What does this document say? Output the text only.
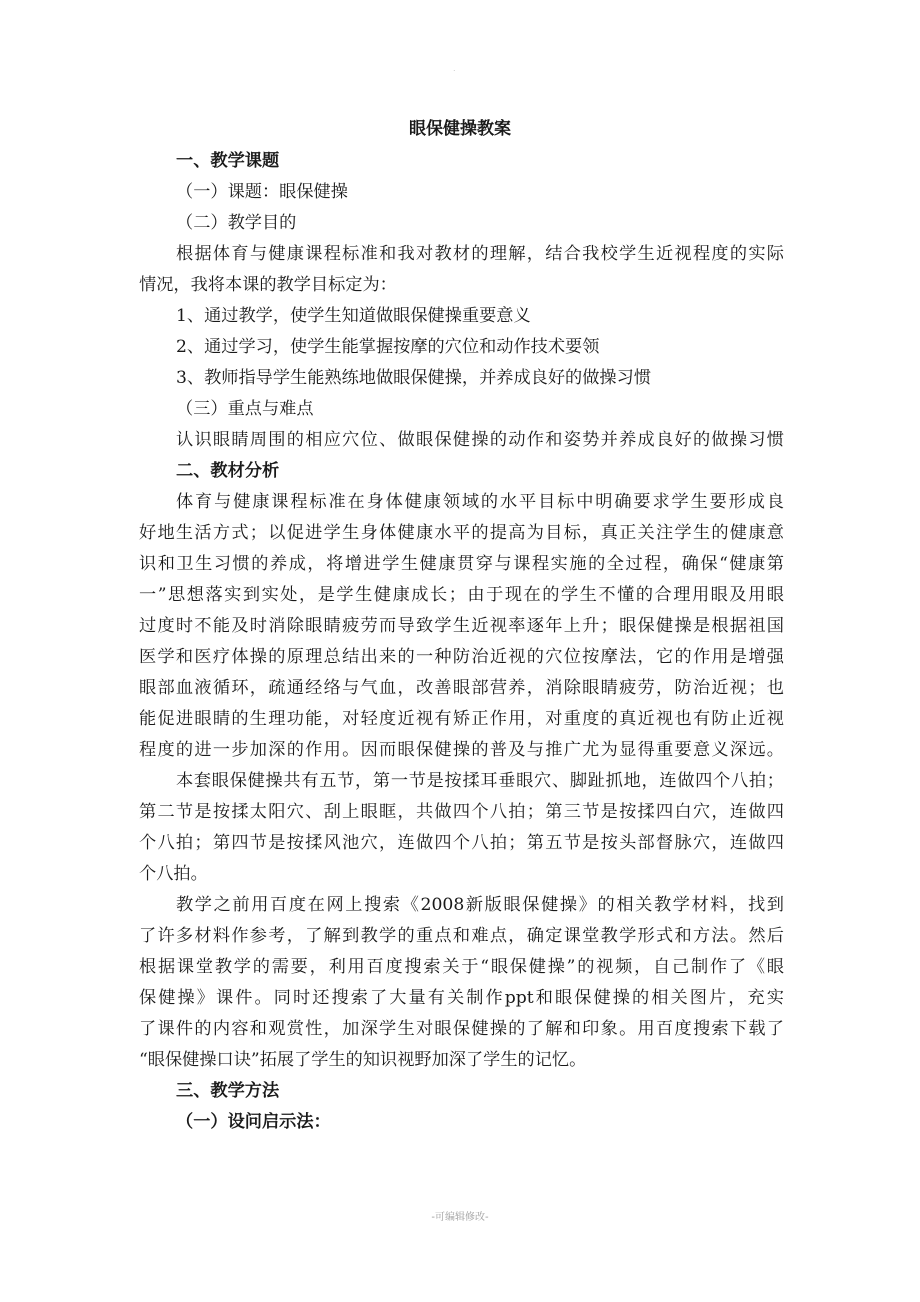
.
眼保健操教案
一、教学课题
（一）课题：眼保健操
（二）教学目的
根据体育与健康课程标准和我对教材的理解，结合我校学生近视程度的实际
情况，我将本课的教学目标定为：
1、通过教学，使学生知道做眼保健操重要意义
2、通过学习，使学生能掌握按摩的穴位和动作技术要领
3、教师指导学生能熟练地做眼保健操，并养成良好的做操习惯
（三）重点与难点
认识眼睛周围的相应穴位、做眼保健操的动作和姿势并养成良好的做操习惯
二、教材分析
体育与健康课程标准在身体健康领域的水平目标中明确要求学生要形成良
好地生活方式；以促进学生身体健康水平的提高为目标，真正关注学生的健康意
识和卫生习惯的养成，将增进学生健康贯穿与课程实施的全过程，确保“健康第
一”思想落实到实处，是学生健康成长；由于现在的学生不懂的合理用眼及用眼
过度时不能及时消除眼睛疲劳而导致学生近视率逐年上升；眼保健操是根据祖国
医学和医疗体操的原理总结出来的一种防治近视的穴位按摩法，它的作用是增强
眼部血液循环，疏通经络与气血，改善眼部营养，消除眼睛疲劳，防治近视；也
能促进眼睛的生理功能，对轻度近视有矫正作用，对重度的真近视也有防止近视
程度的进一步加深的作用。因而眼保健操的普及与推广尤为显得重要意义深远。
本套眼保健操共有五节，第一节是按揉耳垂眼穴、脚趾抓地，连做四个八拍；
第二节是按揉太阳穴、刮上眼眶，共做四个八拍；第三节是按揉四白穴，连做四
个八拍；第四节是按揉风池穴，连做四个八拍；第五节是按头部督脉穴，连做四
个八拍。
教学之前用百度在网上搜索《2008新版眼保健操》的相关教学材料，找到
了许多材料作参考，了解到教学的重点和难点，确定课堂教学形式和方法。然后
根据课堂教学的需要，利用百度搜索关于“眼保健操”的视频，自己制作了《眼
保健操》课件。同时还搜索了大量有关制作ppt和眼保健操的相关图片，充实
了课件的内容和观赏性，加深学生对眼保健操的了解和印象。用百度搜索下载了
“眼保健操口诀”拓展了学生的知识视野加深了学生的记忆。
三、教学方法
（一）设问启示法：
-可编辑修改-
